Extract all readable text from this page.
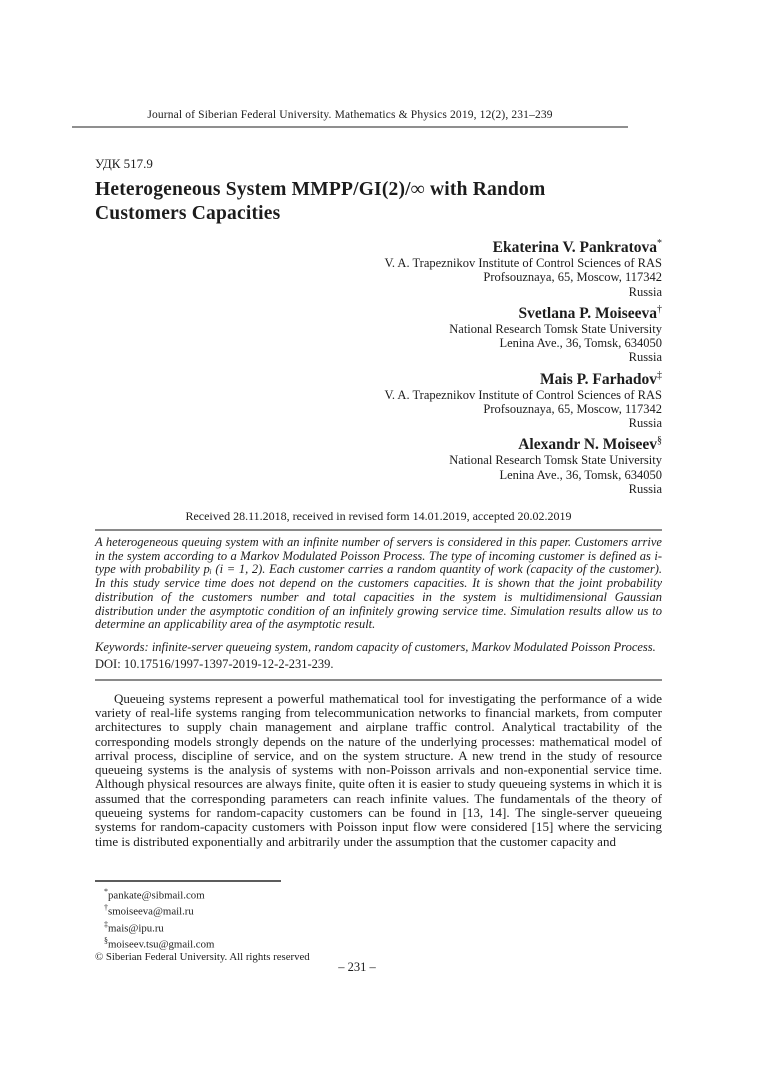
Journal of Siberian Federal University. Mathematics & Physics 2019, 12(2), 231–239
УДК 517.9
Heterogeneous System MMPP/GI(2)/∞ with Random
Customers Capacities
Ekaterina V. Pankratova*
V. A. Trapeznikov Institute of Control Sciences of RAS
Profsouznaya, 65, Moscow, 117342
Russia
Svetlana P. Moiseeva†
National Research Tomsk State University
Lenina Ave., 36, Tomsk, 634050
Russia
Mais P. Farhadov‡
V. A. Trapeznikov Institute of Control Sciences of RAS
Profsouznaya, 65, Moscow, 117342
Russia
Alexandr N. Moiseev§
National Research Tomsk State University
Lenina Ave., 36, Tomsk, 634050
Russia
Received 28.11.2018, received in revised form 14.01.2019, accepted 20.02.2019
A heterogeneous queuing system with an infinite number of servers is considered in this paper. Customers arrive in the system according to a Markov Modulated Poisson Process. The type of incoming customer is defined as i-type with probability pᵢ (i = 1, 2). Each customer carries a random quantity of work (capacity of the customer). In this study service time does not depend on the customers capacities. It is shown that the joint probability distribution of the customers number and total capacities in the system is multidimensional Gaussian distribution under the asymptotic condition of an infinitely growing service time. Simulation results allow us to determine an applicability area of the asymptotic result.
Keywords: infinite-server queueing system, random capacity of customers, Markov Modulated Poisson Process.
DOI: 10.17516/1997-1397-2019-12-2-231-239.

Queueing systems represent a powerful mathematical tool for investigating the performance of a wide variety of real-life systems ranging from telecommunication networks to financial markets, from computer architectures to supply chain management and airplane traffic control. Analytical tractability of the corresponding models strongly depends on the nature of the underlying processes: mathematical model of arrival process, discipline of service, and on the system structure. A new trend in the study of resource queueing systems is the analysis of systems with non-Poisson arrivals and non-exponential service time. Although physical resources are always finite, quite often it is easier to study queueing systems in which it is assumed that the corresponding parameters can reach infinite values. The fundamentals of the theory of queueing systems for random-capacity customers can be found in [13, 14]. The single-server queueing systems for random-capacity customers with Poisson input flow were considered [15] where the servicing time is distributed exponentially and arbitrarily under the assumption that the customer capacity and

*pankate@sibmail.com
†smoiseeva@mail.ru
‡mais@ipu.ru
§moiseev.tsu@gmail.com
© Siberian Federal University. All rights reserved
– 231 –
